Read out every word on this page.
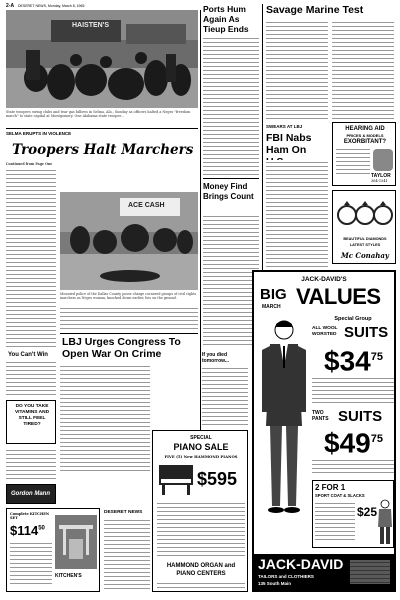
2-A DESERET NEWS, Monday, March 8, 1965
HAISTEN'S
State troopers swing clubs and tear gas billows in Selma, Ala., Sunday as officers halted a Negro "freedom march" to state capital at Montgomery. One Alabama state trooper...
SELMA ERUPTS IN VIOLENCE
Troopers Halt Marchers
Continued from Page One
ACE CASH
Mounted police of the Dallas County posse charge cornered groups of civil rights marchers as Negro woman, knocked down earlier, lies on the ground.
LBJ Urges Congress To Open War On Crime
You Can't Win
DO YOU TAKE VITAMINS AND STILL FEEL TIRED?
Gordon Mann
Complete KITCHEN SET
$\$114^{50}$
KITCHEN'S
DESERET NEWS
SPECIAL
PIANO SALE
FIVE (5) New HAMMOND PIANOS
$595
HAMMOND ORGAN and
PIANO CENTERS
If you died tomorrow...
Ports Hum Again As Tieup Ends
Money Find Brings Count
Savage Marine Test
SWEARS AT LBJ
FBI Nabs Ham On
HEARING AID
PRICES & MODELS
EXORBITANT?
TAYLOR
364-1541
BEAUTIFUL DIAMONDS
LATEST STYLES
Mc Conahay
JACK-DAVID'S
BIG
MARCH VALUES
Special Group
ALL WOOL
WORSTED SUITS
$\$34^{75}$
TWO
PANTS SUITS
$\$49^{75}$
2 FOR 1
SPORT COAT & SLACKS
$25
JACK-DAVID
TAILORS and CLOTHIERS
135 South Main
